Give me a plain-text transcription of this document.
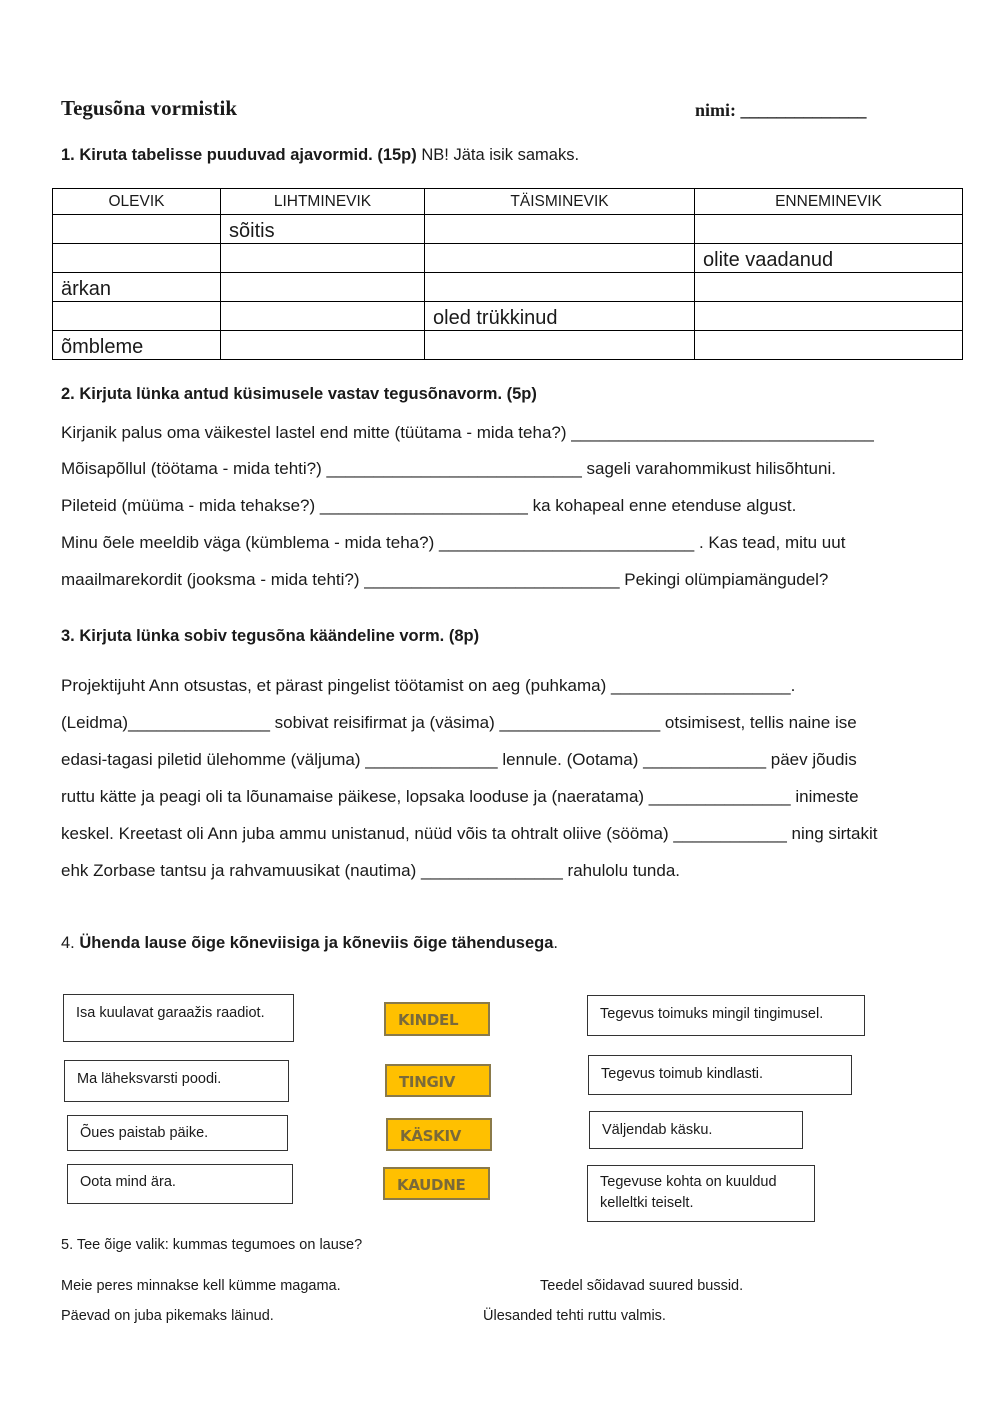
Tegusõna vormistik	nimi: ______________
1. Kiruta tabelisse puuduvad ajavormid. (15p) NB! Jäta isik samaks.
OLEVIK	LIHTMINEVIK	TÄISMINEVIK	ENNEMINEVIK
	sõitis		
			olite vaadanud
ärkan			
		oled trükkinud	
õmbleme			
2. Kirjuta lünka antud küsimusele vastav tegusõnavorm. (5p)
Kirjanik palus oma väikestel lastel end mitte (tüütama - mida teha?) ________________________________
Mõisapõllul (töötama - mida tehti?) ___________________________ sageli varahommikust hilisõhtuni.
Pileteid (müüma - mida tehakse?) ______________________ ka kohapeal enne etenduse algust.
Minu õele meeldib väga (kümblema - mida teha?) ___________________________ . Kas tead, mitu uut
maailmarekordit (jooksma - mida tehti?) ___________________________ Pekingi olümpiamängudel?
3. Kirjuta lünka sobiv tegusõna käändeline vorm. (8p)
Projektijuht Ann otsustas, et pärast pingelist töötamist on aeg (puhkama) ___________________.
(Leidma)_______________ sobivat reisifirmat ja (väsima) _________________ otsimisest, tellis naine ise
edasi-tagasi piletid ülehomme (väljuma) ______________ lennule. (Ootama) _____________ päev jõudis
ruttu kätte ja peagi oli ta lõunamaise päikese, lopsaka looduse ja (naeratama) _______________ inimeste
keskel. Kreetast oli Ann juba ammu unistanud, nüüd võis ta ohtralt oliive (sööma) ____________ ning sirtakit
ehk Zorbase tantsu ja rahvamuusikat (nautima) _______________ rahulolu tunda.
4. Ühenda lause õige kõneviisiga ja kõneviis õige tähendusega.
Isa kuulavat garaažis raadiot.
Ma läheksvarsti poodi.
Õues paistab päike.
Oota mind ära.
KINDEL
TINGIV
KÄSKIV
KAUDNE
Tegevus toimuks mingil tingimusel.
Tegevus toimub kindlasti.
Väljendab käsku.
Tegevuse kohta on kuuldud kelleltki teiselt.
5. Tee õige valik: kummas tegumoes on lause?
Meie peres minnakse kell kümme magama.	Teedel sõidavad suured bussid.
Päevad on juba pikemaks läinud.	Ülesanded tehti ruttu valmis.
